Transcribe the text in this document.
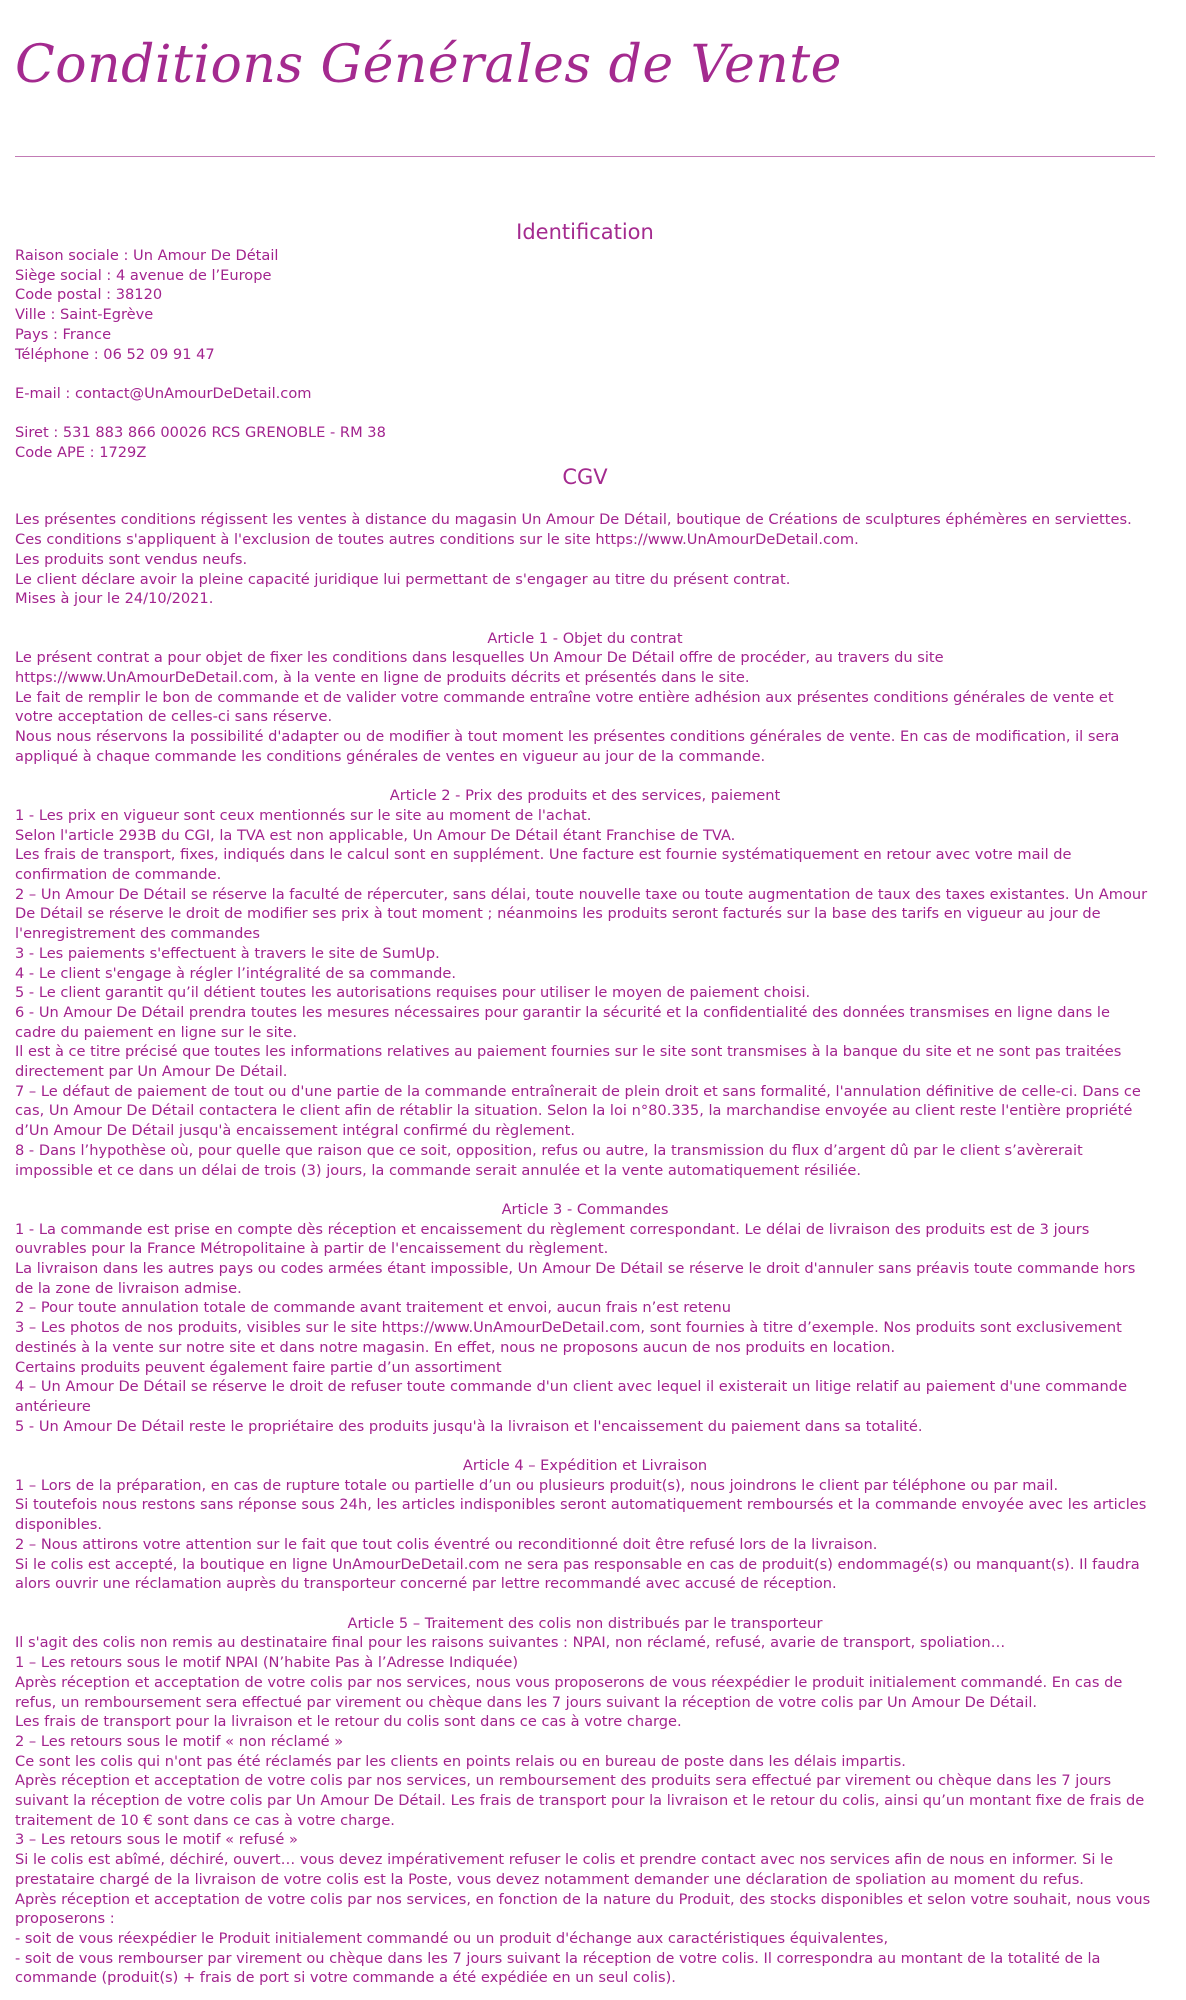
Conditions Générales de Vente
Identification
Raison sociale : Un Amour De Détail
Siège social : 4 avenue de l’Europe
Code postal : 38120
Ville : Saint-Egrève
Pays : France
Téléphone : 06 52 09 91 47
E-mail : contact@UnAmourDeDetail.com
Siret : 531 883 866 00026 RCS GRENOBLE - RM 38
Code APE : 1729Z
CGV
Les présentes conditions régissent les ventes à distance du magasin Un Amour De Détail, boutique de Créations de sculptures éphémères en serviettes.
Ces conditions s'appliquent à l'exclusion de toutes autres conditions sur le site https://www.UnAmourDeDetail.com.
Les produits sont vendus neufs.
Le client déclare avoir la pleine capacité juridique lui permettant de s'engager au titre du présent contrat.
Mises à jour le 24/10/2021.
Article 1 - Objet du contrat
Le présent contrat a pour objet de fixer les conditions dans lesquelles Un Amour De Détail offre de procéder, au travers du site https://www.UnAmourDeDetail.com, à la vente en ligne de produits décrits et présentés dans le site.
Le fait de remplir le bon de commande et de valider votre commande entraîne votre entière adhésion aux présentes conditions générales de vente et votre acceptation de celles-ci sans réserve.
Nous nous réservons la possibilité d'adapter ou de modifier à tout moment les présentes conditions générales de vente. En cas de modification, il sera appliqué à chaque commande les conditions générales de ventes en vigueur au jour de la commande.
Article 2 - Prix des produits et des services, paiement
1 - Les prix en vigueur sont ceux mentionnés sur le site au moment de l'achat.
Selon l'article 293B du CGI, la TVA est non applicable, Un Amour De Détail étant Franchise de TVA.
Les frais de transport, fixes, indiqués dans le calcul sont en supplément. Une facture est fournie systématiquement en retour avec votre mail de confirmation de commande.
2 – Un Amour De Détail se réserve la faculté de répercuter, sans délai, toute nouvelle taxe ou toute augmentation de taux des taxes existantes. Un Amour De Détail se réserve le droit de modifier ses prix à tout moment ; néanmoins les produits seront facturés sur la base des tarifs en vigueur au jour de l'enregistrement des commandes
3 - Les paiements s'effectuent à travers le site de SumUp.
4 - Le client s'engage à régler l’intégralité de sa commande.
5 - Le client garantit qu’il détient toutes les autorisations requises pour utiliser le moyen de paiement choisi.
6 - Un Amour De Détail prendra toutes les mesures nécessaires pour garantir la sécurité et la confidentialité des données transmises en ligne dans le cadre du paiement en ligne sur le site.
Il est à ce titre précisé que toutes les informations relatives au paiement fournies sur le site sont transmises à la banque du site et ne sont pas traitées directement par Un Amour De Détail.
7 – Le défaut de paiement de tout ou d'une partie de la commande entraînerait de plein droit et sans formalité, l'annulation définitive de celle-ci. Dans ce cas, Un Amour De Détail contactera le client afin de rétablir la situation. Selon la loi n°80.335, la marchandise envoyée au client reste l'entière propriété d’Un Amour De Détail jusqu'à encaissement intégral confirmé du règlement.
8 - Dans l’hypothèse où, pour quelle que raison que ce soit, opposition, refus ou autre, la transmission du flux d’argent dû par le client s’avèrerait impossible et ce dans un délai de trois (3) jours, la commande serait annulée et la vente automatiquement résiliée.
Article 3 - Commandes
1 - La commande est prise en compte dès réception et encaissement du règlement correspondant. Le délai de livraison des produits est de 3 jours ouvrables pour la France Métropolitaine à partir de l'encaissement du règlement.
La livraison dans les autres pays ou codes armées étant impossible, Un Amour De Détail se réserve le droit d'annuler sans préavis toute commande hors de la zone de livraison admise.
2 – Pour toute annulation totale de commande avant traitement et envoi, aucun frais n’est retenu
3 – Les photos de nos produits, visibles sur le site https://www.UnAmourDeDetail.com, sont fournies à titre d’exemple. Nos produits sont exclusivement destinés à la vente sur notre site et dans notre magasin. En effet, nous ne proposons aucun de nos produits en location.
Certains produits peuvent également faire partie d’un assortiment
4 – Un Amour De Détail se réserve le droit de refuser toute commande d'un client avec lequel il existerait un litige relatif au paiement d'une commande antérieure
5 - Un Amour De Détail reste le propriétaire des produits jusqu'à la livraison et l'encaissement du paiement dans sa totalité.
Article 4 – Expédition et Livraison
1 – Lors de la préparation, en cas de rupture totale ou partielle d’un ou plusieurs produit(s), nous joindrons le client par téléphone ou par mail.
Si toutefois nous restons sans réponse sous 24h, les articles indisponibles seront automatiquement remboursés et la commande envoyée avec les articles disponibles.
2 – Nous attirons votre attention sur le fait que tout colis éventré ou reconditionné doit être refusé lors de la livraison.
Si le colis est accepté, la boutique en ligne UnAmourDeDetail.com ne sera pas responsable en cas de produit(s) endommagé(s) ou manquant(s). Il faudra alors ouvrir une réclamation auprès du transporteur concerné par lettre recommandé avec accusé de réception.
Article 5 – Traitement des colis non distribués par le transporteur
Il s'agit des colis non remis au destinataire final pour les raisons suivantes : NPAI, non réclamé, refusé, avarie de transport, spoliation…
1 – Les retours sous le motif NPAI (N’habite Pas à l’Adresse Indiquée)
Après réception et acceptation de votre colis par nos services, nous vous proposerons de vous réexpédier le produit initialement commandé. En cas de refus, un remboursement sera effectué par virement ou chèque dans les 7 jours suivant la réception de votre colis par Un Amour De Détail.
Les frais de transport pour la livraison et le retour du colis sont dans ce cas à votre charge.
2 – Les retours sous le motif « non réclamé »
Ce sont les colis qui n'ont pas été réclamés par les clients en points relais ou en bureau de poste dans les délais impartis.
Après réception et acceptation de votre colis par nos services, un remboursement des produits sera effectué par virement ou chèque dans les 7 jours suivant la réception de votre colis par Un Amour De Détail. Les frais de transport pour la livraison et le retour du colis, ainsi qu’un montant fixe de frais de traitement de 10 € sont dans ce cas à votre charge.
3 – Les retours sous le motif « refusé »
Si le colis est abîmé, déchiré, ouvert… vous devez impérativement refuser le colis et prendre contact avec nos services afin de nous en informer. Si le prestataire chargé de la livraison de votre colis est la Poste, vous devez notamment demander une déclaration de spoliation au moment du refus.
Après réception et acceptation de votre colis par nos services, en fonction de la nature du Produit, des stocks disponibles et selon votre souhait, nous vous proposerons :
- soit de vous réexpédier le Produit initialement commandé ou un produit d'échange aux caractéristiques équivalentes,
- soit de vous rembourser par virement ou chèque dans les 7 jours suivant la réception de votre colis. Il correspondra au montant de la totalité de la commande (produit(s) + frais de port si votre commande a été expédiée en un seul colis).
